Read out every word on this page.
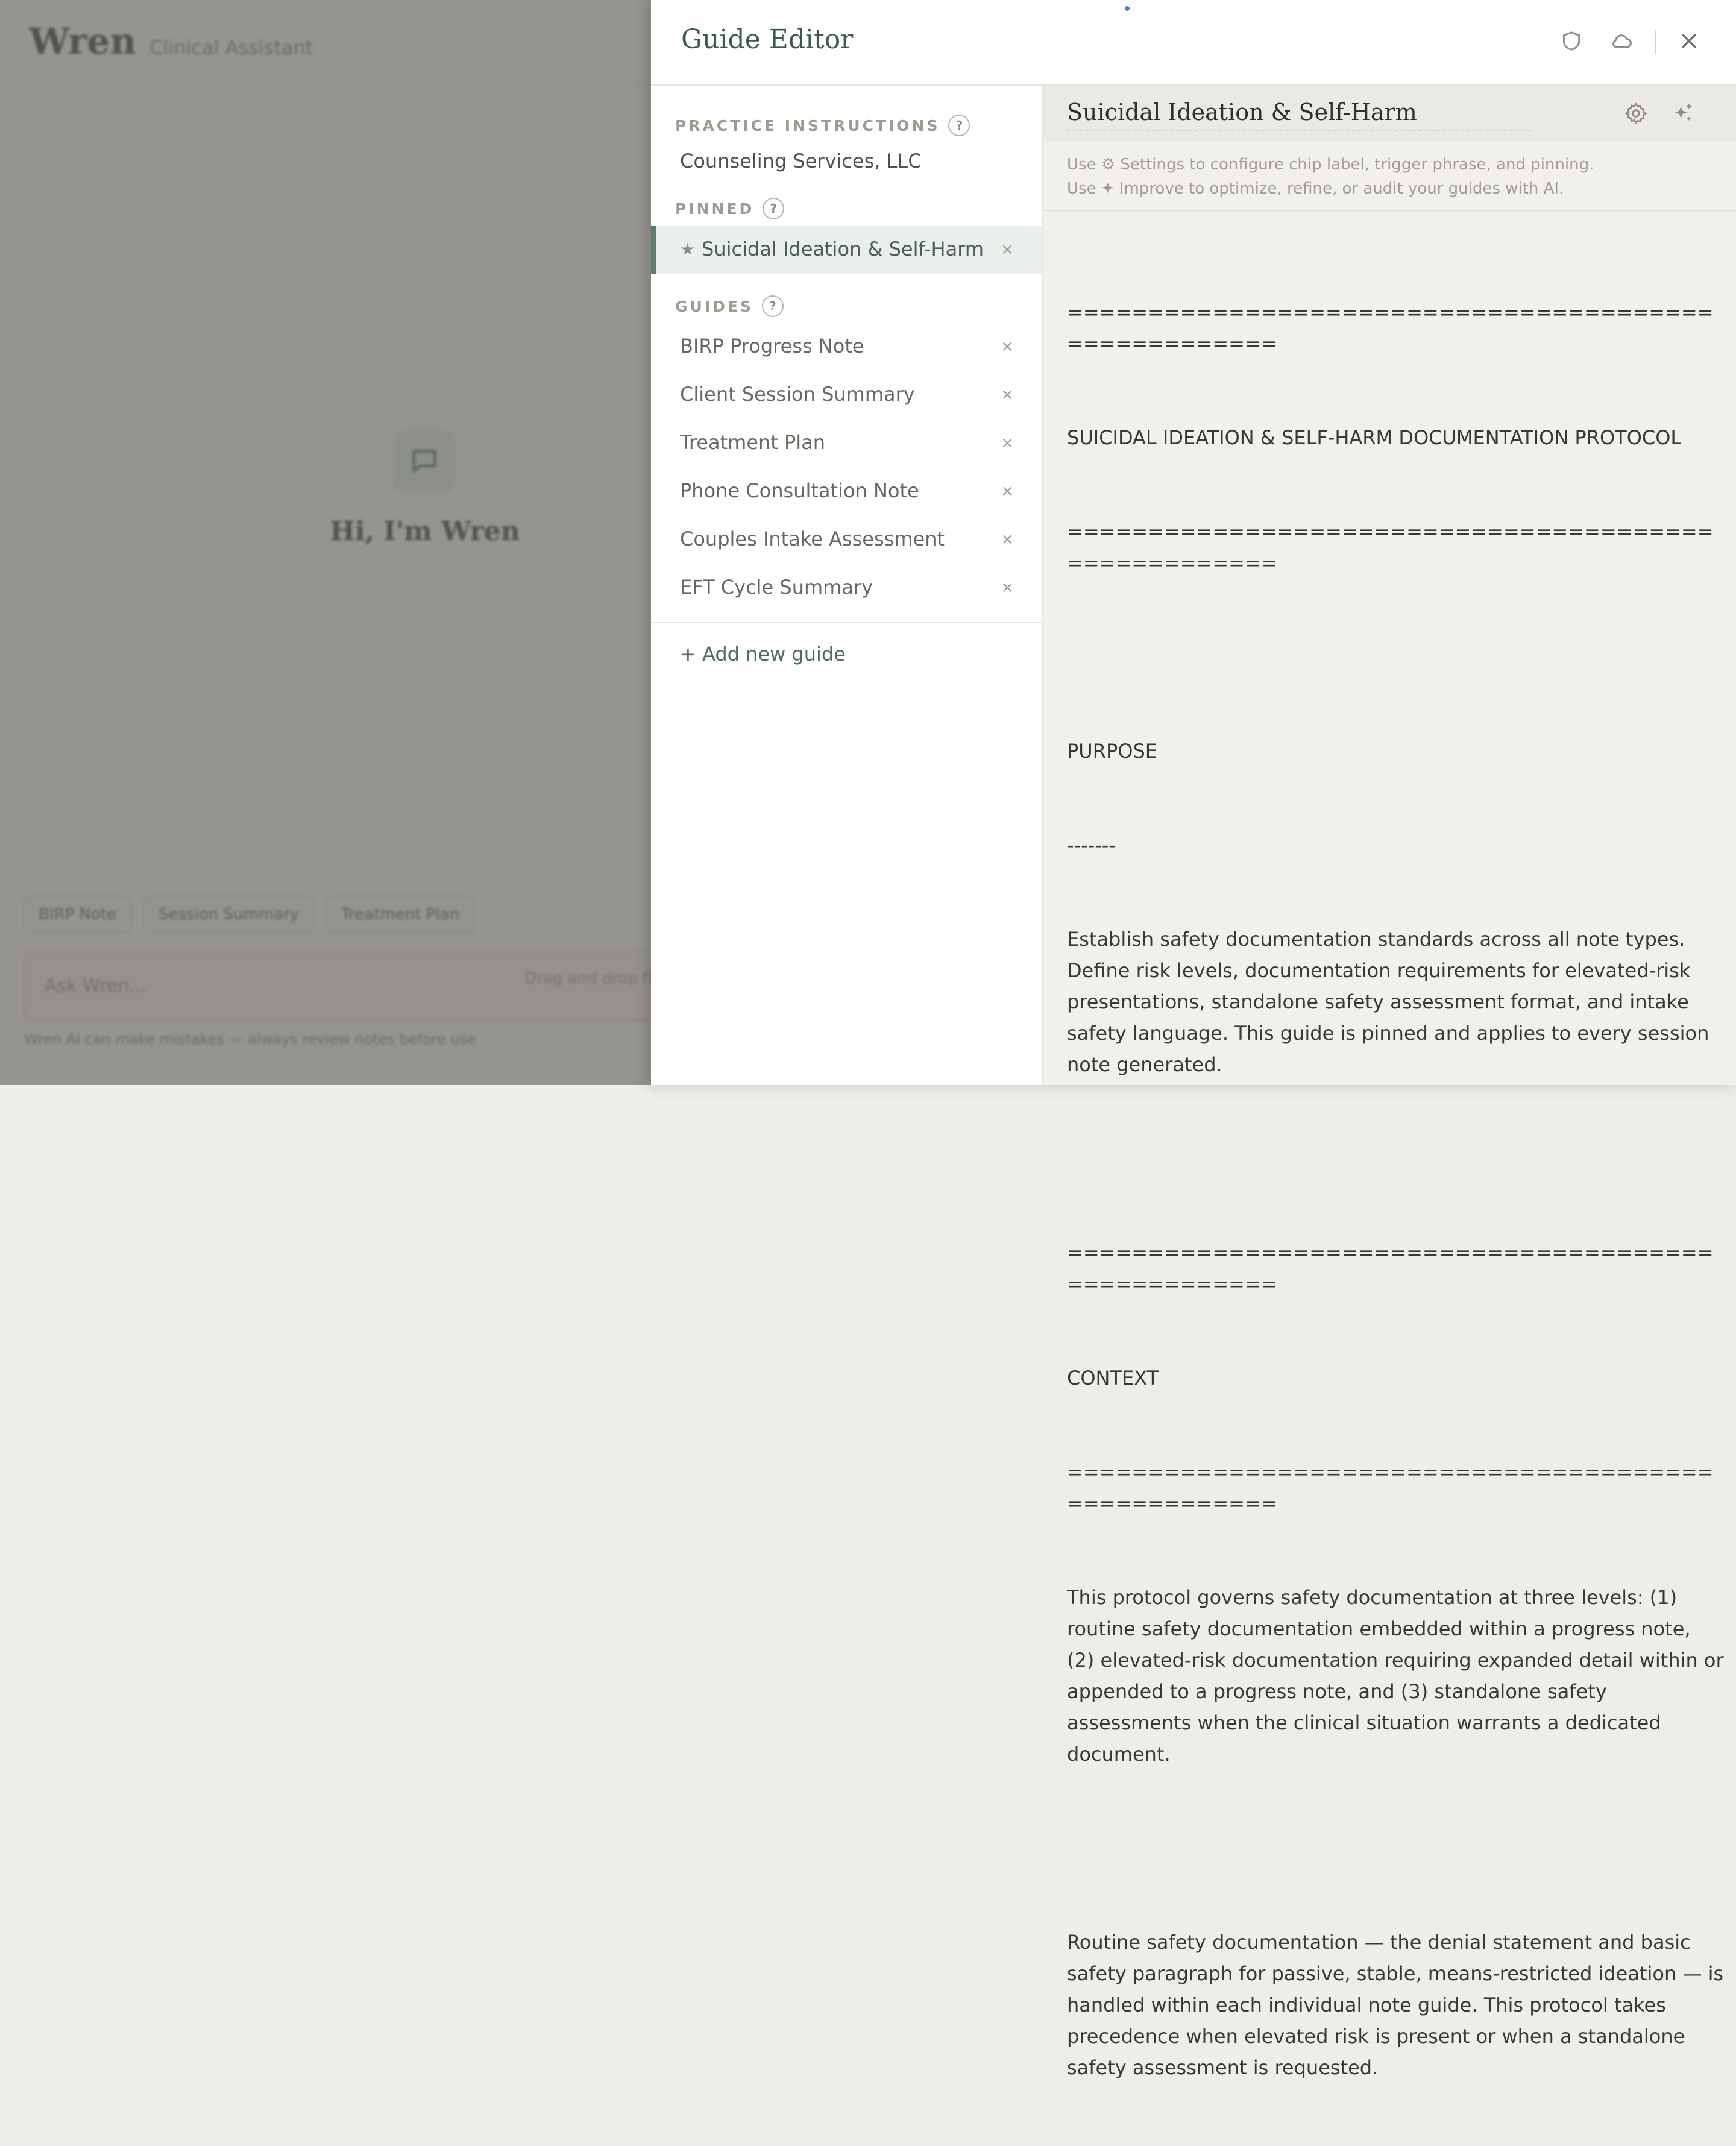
Guide Editor
PRACTICE INSTRUCTIONS	?
Counseling Services, LLC
PINNED	?
★ Suicidal Ideation & Self-Harm ×
GUIDES	?
BIRP Progress Note	×
Client Session Summary	×
Treatment Plan	×
Phone Consultation Note	×
Couples Intake Assessment	×
EFT Cycle Summary	×
+ Add new guide
Suicidal Ideation & Self-Harm
Use ⚙ Settings to configure chip label, trigger phrase, and pinning.
Use ✦ Improve to optimize, refine, or audit your guides with AI.

=====================================================

SUICIDAL IDEATION & SELF-HARM DOCUMENTATION PROTOCOL

=====================================================

PURPOSE

-------

Establish safety documentation standards across all note types. Define risk levels, documentation requirements for elevated-risk presentations, standalone safety assessment format, and intake safety language. This guide is pinned and applies to every session note generated.

=====================================================

CONTEXT

=====================================================

This protocol governs safety documentation at three levels: (1) routine safety documentation embedded within a progress note, (2) elevated-risk documentation requiring expanded detail within or appended to a progress note, and (3) standalone safety assessments when the clinical situation warrants a dedicated document.

Routine safety documentation — the denial statement and basic safety paragraph for passive, stable, means-restricted ideation — is handled within each individual note guide. This protocol takes precedence when elevated risk is present or when a standalone safety assessment is requested.
